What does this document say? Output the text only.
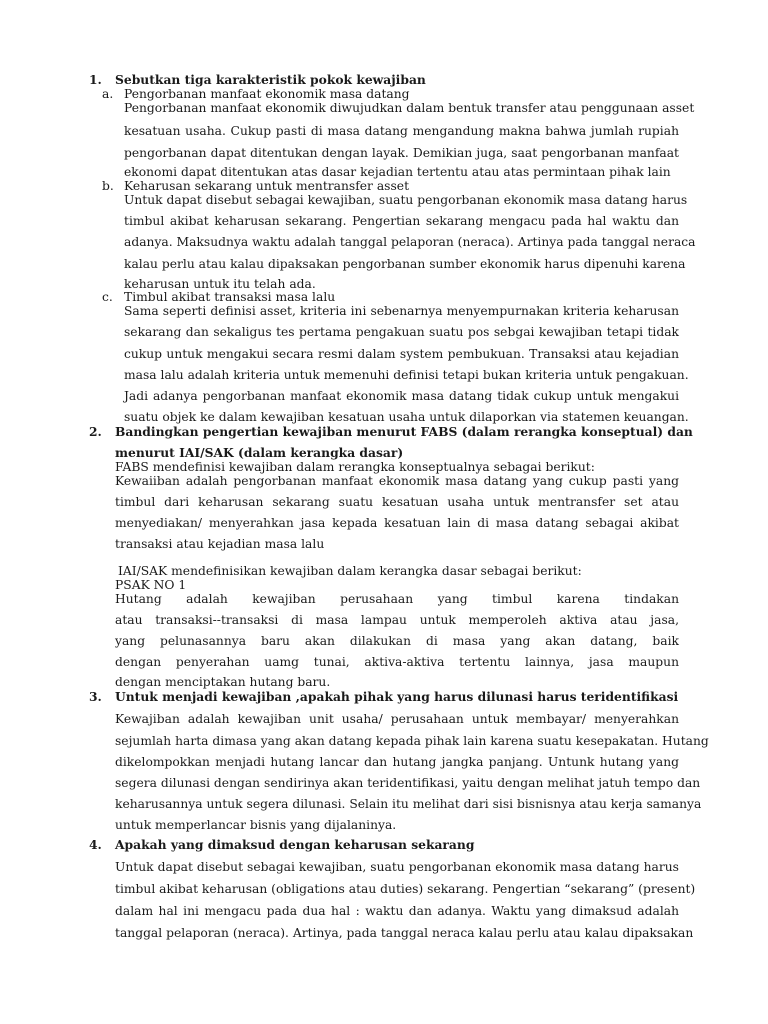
1. Sebutkan tiga karakteristik pokok kewajiban
a. Pengorbanan manfaat ekonomik masa datang
Pengorbanan manfaat ekonomik diwujudkan dalam bentuk transfer atau penggunaan asset
kesatuan usaha. Cukup pasti di masa datang mengandung makna bahwa jumlah rupiah
pengorbanan dapat ditentukan dengan layak. Demikian juga, saat pengorbanan manfaat
ekonomi dapat ditentukan atas dasar kejadian tertentu atau atas permintaan pihak lain
b. Keharusan sekarang untuk mentransfer asset
Untuk dapat disebut sebagai kewajiban, suatu pengorbanan ekonomik masa datang harus
timbul akibat keharusan sekarang. Pengertian sekarang mengacu pada hal waktu dan
adanya. Maksudnya waktu adalah tanggal pelaporan (neraca). Artinya pada tanggal neraca
kalau perlu atau kalau dipaksakan pengorbanan sumber ekonomik harus dipenuhi karena
keharusan untuk itu telah ada.
c. Timbul akibat transaksi masa lalu
Sama seperti definisi asset, kriteria ini sebenarnya menyempurnakan kriteria keharusan
sekarang dan sekaligus tes pertama pengakuan suatu pos sebgai kewajiban tetapi tidak
cukup untuk mengakui secara resmi dalam system pembukuan. Transaksi atau kejadian
masa lalu adalah kriteria untuk memenuhi definisi tetapi bukan kriteria untuk pengakuan.
Jadi adanya pengorbanan manfaat ekonomik masa datang tidak cukup untuk mengakui
suatu objek ke dalam kewajiban kesatuan usaha untuk dilaporkan via statemen keuangan.
2. Bandingkan pengertian kewajiban menurut FABS (dalam rerangka konseptual) dan
menurut IAI/SAK (dalam kerangka dasar)
FABS mendefinisi kewajiban dalam rerangka konseptualnya sebagai berikut:
Kewaiiban adalah pengorbanan manfaat ekonomik masa datang yang cukup pasti yang
timbul dari keharusan sekarang suatu kesatuan usaha untuk mentransfer set atau
menyediakan/ menyerahkan jasa kepada kesatuan lain di masa datang sebagai akibat
transaksi atau kejadian masa lalu
IAI/SAK mendefinisikan kewajiban dalam kerangka dasar sebagai berikut:
PSAK NO 1
Hutang adalah kewajiban perusahaan yang timbul karena tindakan
atau transaksi--transaksi di masa lampau untuk memperoleh aktiva atau jasa,
yang pelunasannya baru akan dilakukan di masa yang akan datang, baik
dengan penyerahan uamg tunai, aktiva-aktiva tertentu lainnya, jasa maupun
dengan menciptakan hutang baru.
3. Untuk menjadi kewajiban ,apakah pihak yang harus dilunasi harus teridentifikasi
Kewajiban adalah kewajiban unit usaha/ perusahaan untuk membayar/ menyerahkan
sejumlah harta dimasa yang akan datang kepada pihak lain karena suatu kesepakatan. Hutang
dikelompokkan menjadi hutang lancar dan hutang jangka panjang. Untunk hutang yang
segera dilunasi dengan sendirinya akan teridentifikasi, yaitu dengan melihat jatuh tempo dan
keharusannya untuk segera dilunasi. Selain itu melihat dari sisi bisnisnya atau kerja samanya
untuk memperlancar bisnis yang dijalaninya.
4. Apakah yang dimaksud dengan keharusan sekarang
Untuk dapat disebut sebagai kewajiban, suatu pengorbanan ekonomik masa datang harus
timbul akibat keharusan (obligations atau duties) sekarang. Pengertian “sekarang” (present)
dalam hal ini mengacu pada dua hal : waktu dan adanya. Waktu yang dimaksud adalah
tanggal pelaporan (neraca). Artinya, pada tanggal neraca kalau perlu atau kalau dipaksakan
